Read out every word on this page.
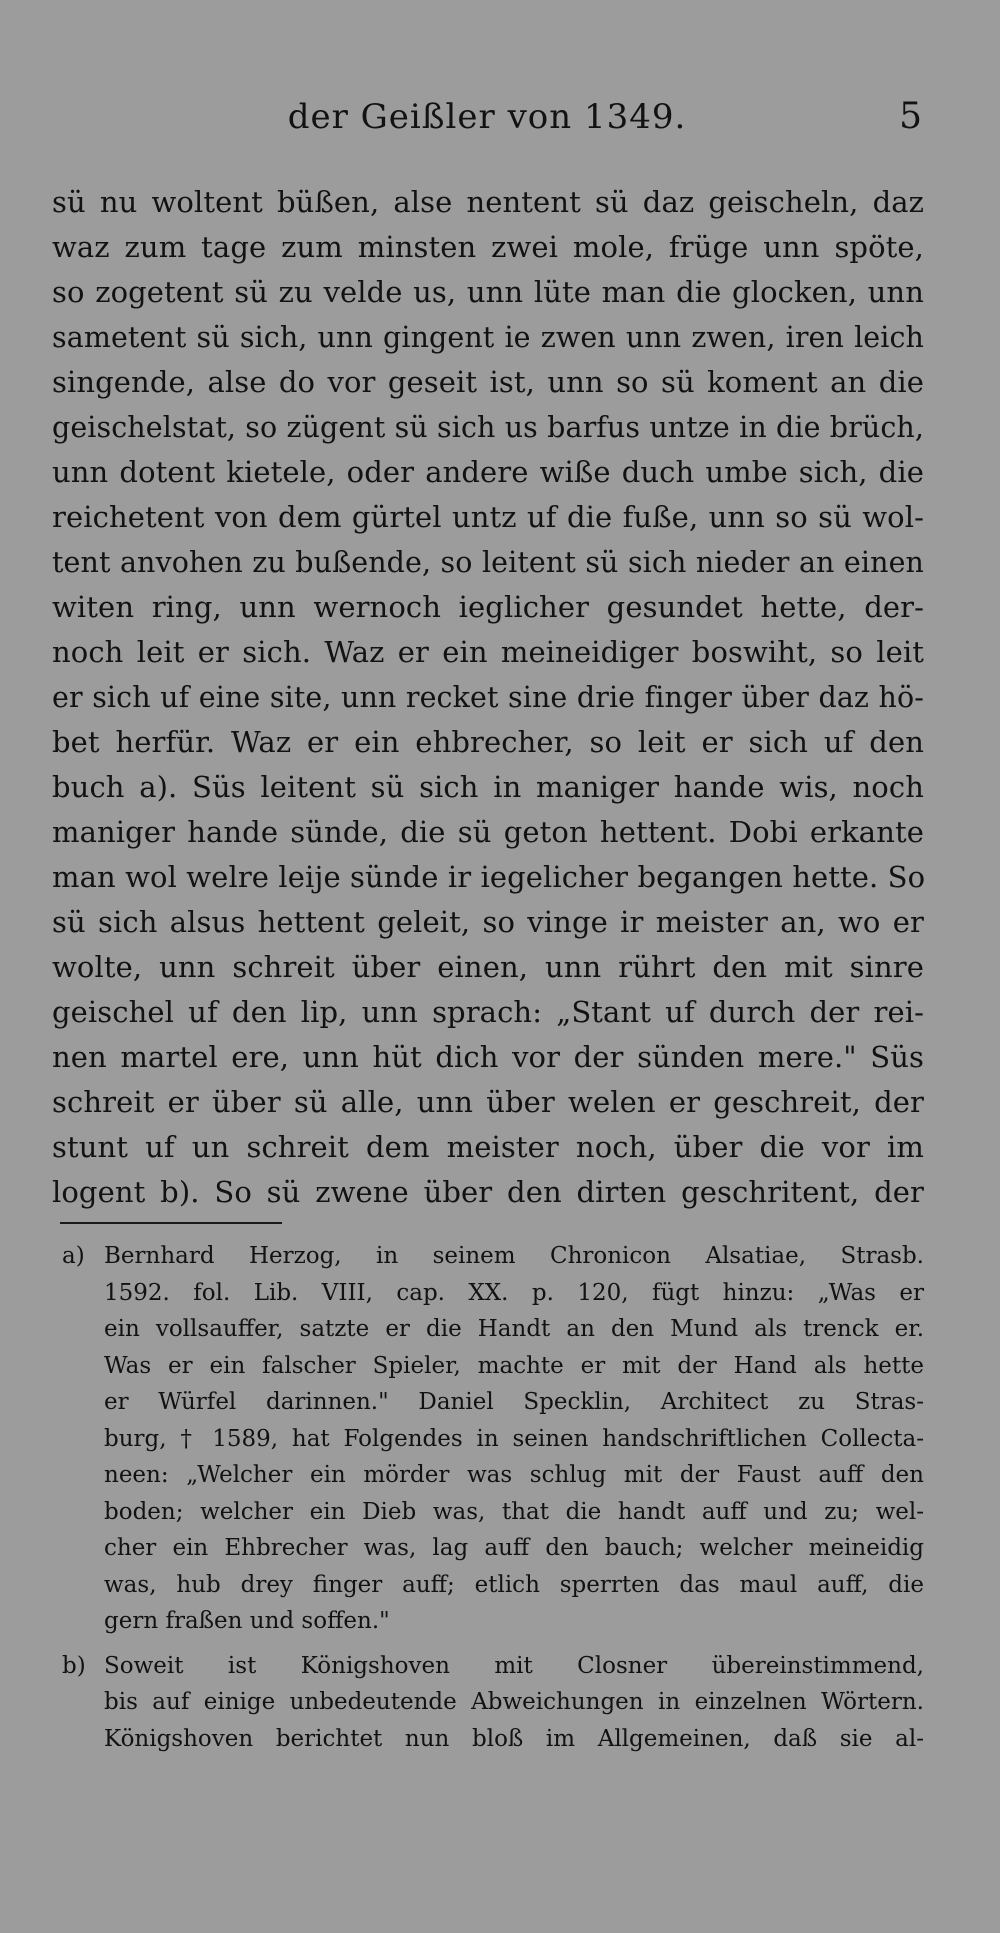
der Geißler von 1349.	5
sü nu woltent büßen, alse nentent sü daz geischeln, daz
waz zum tage zum minsten zwei mole, früge unn spöte,
so zogetent sü zu velde us, unn lüte man die glocken, unn
sametent sü sich, unn gingent ie zwen unn zwen, iren leich
singende, alse do vor geseit ist, unn so sü koment an die
geischelstat, so zügent sü sich us barfus untze in die brüch,
unn dotent kietele, oder andere wiße duch umbe sich, die
reichetent von dem gürtel untz uf die fuße, unn so sü wol-
tent anvohen zu bußende, so leitent sü sich nieder an einen
witen ring, unn wernoch ieglicher gesundet hette, der-
noch leit er sich. Waz er ein meineidiger boswiht, so leit
er sich uf eine site, unn recket sine drie finger über daz hö-
bet herfür. Waz er ein ehbrecher, so leit er sich uf den
buch a). Süs leitent sü sich in maniger hande wis, noch
maniger hande sünde, die sü geton hettent. Dobi erkante
man wol welre leije sünde ir iegelicher begangen hette. So
sü sich alsus hettent geleit, so vinge ir meister an, wo er
wolte, unn schreit über einen, unn rührt den mit sinre
geischel uf den lip, unn sprach: „Stant uf durch der rei-
nen martel ere, unn hüt dich vor der sünden mere." Süs
schreit er über sü alle, unn über welen er geschreit, der
stunt uf un schreit dem meister noch, über die vor im
logent b). So sü zwene über den dirten geschritent, der
a) Bernhard Herzog, in seinem Chronicon Alsatiae, Strasb.
1592. fol. Lib. VIII, cap. XX. p. 120, fügt hinzu: „Was er
ein vollsauffer, satzte er die Handt an den Mund als trenck er.
Was er ein falscher Spieler, machte er mit der Hand als hette
er Würfel darinnen." Daniel Specklin, Architect zu Stras-
burg, † 1589, hat Folgendes in seinen handschriftlichen Collecta-
neen: „Welcher ein mörder was schlug mit der Faust auff den
boden; welcher ein Dieb was, that die handt auff und zu; wel-
cher ein Ehbrecher was, lag auff den bauch; welcher meineidig
was, hub drey finger auff; etlich sperrten das maul auff, die
gern fraßen und soffen."
b) Soweit ist Königshoven mit Closner übereinstimmend,
bis auf einige unbedeutende Abweichungen in einzelnen Wörtern.
Königshoven berichtet nun bloß im Allgemeinen, daß sie al-
